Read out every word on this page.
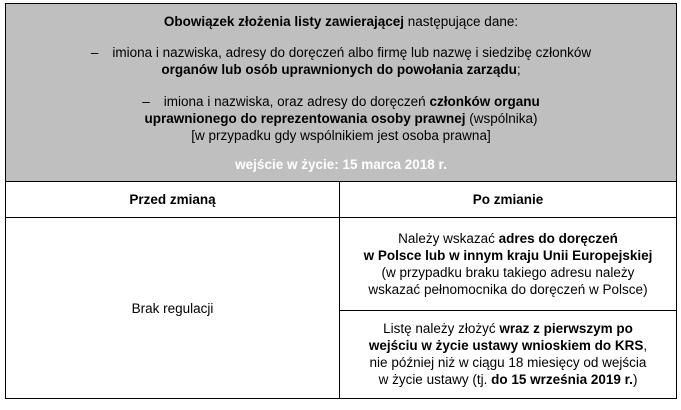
Obowiązek złożenia listy zawierającej następujące dane:
– imiona i nazwiska, adresy do doręczeń albo firmę lub nazwę i siedzibę członków
organów lub osób uprawnionych do powołania zarządu;
– imiona i nazwiska, oraz adresy do doręczeń członków organu
uprawnionego do reprezentowania osoby prawnej (wspólnika)
[w przypadku gdy wspólnikiem jest osoba prawna]
wejście w życie: 15 marca 2018 r.
Przed zmianą	Po zmianie
Brak regulacji
Należy wskazać adres do doręczeń
w Polsce lub w innym kraju Unii Europejskiej
(w przypadku braku takiego adresu należy
wskazać pełnomocnika do doręczeń w Polsce)
Listę należy złożyć wraz z pierwszym po
wejściu w życie ustawy wnioskiem do KRS,
nie później niż w ciągu 18 miesięcy od wejścia
w życie ustawy (tj. do 15 września 2019 r.)
